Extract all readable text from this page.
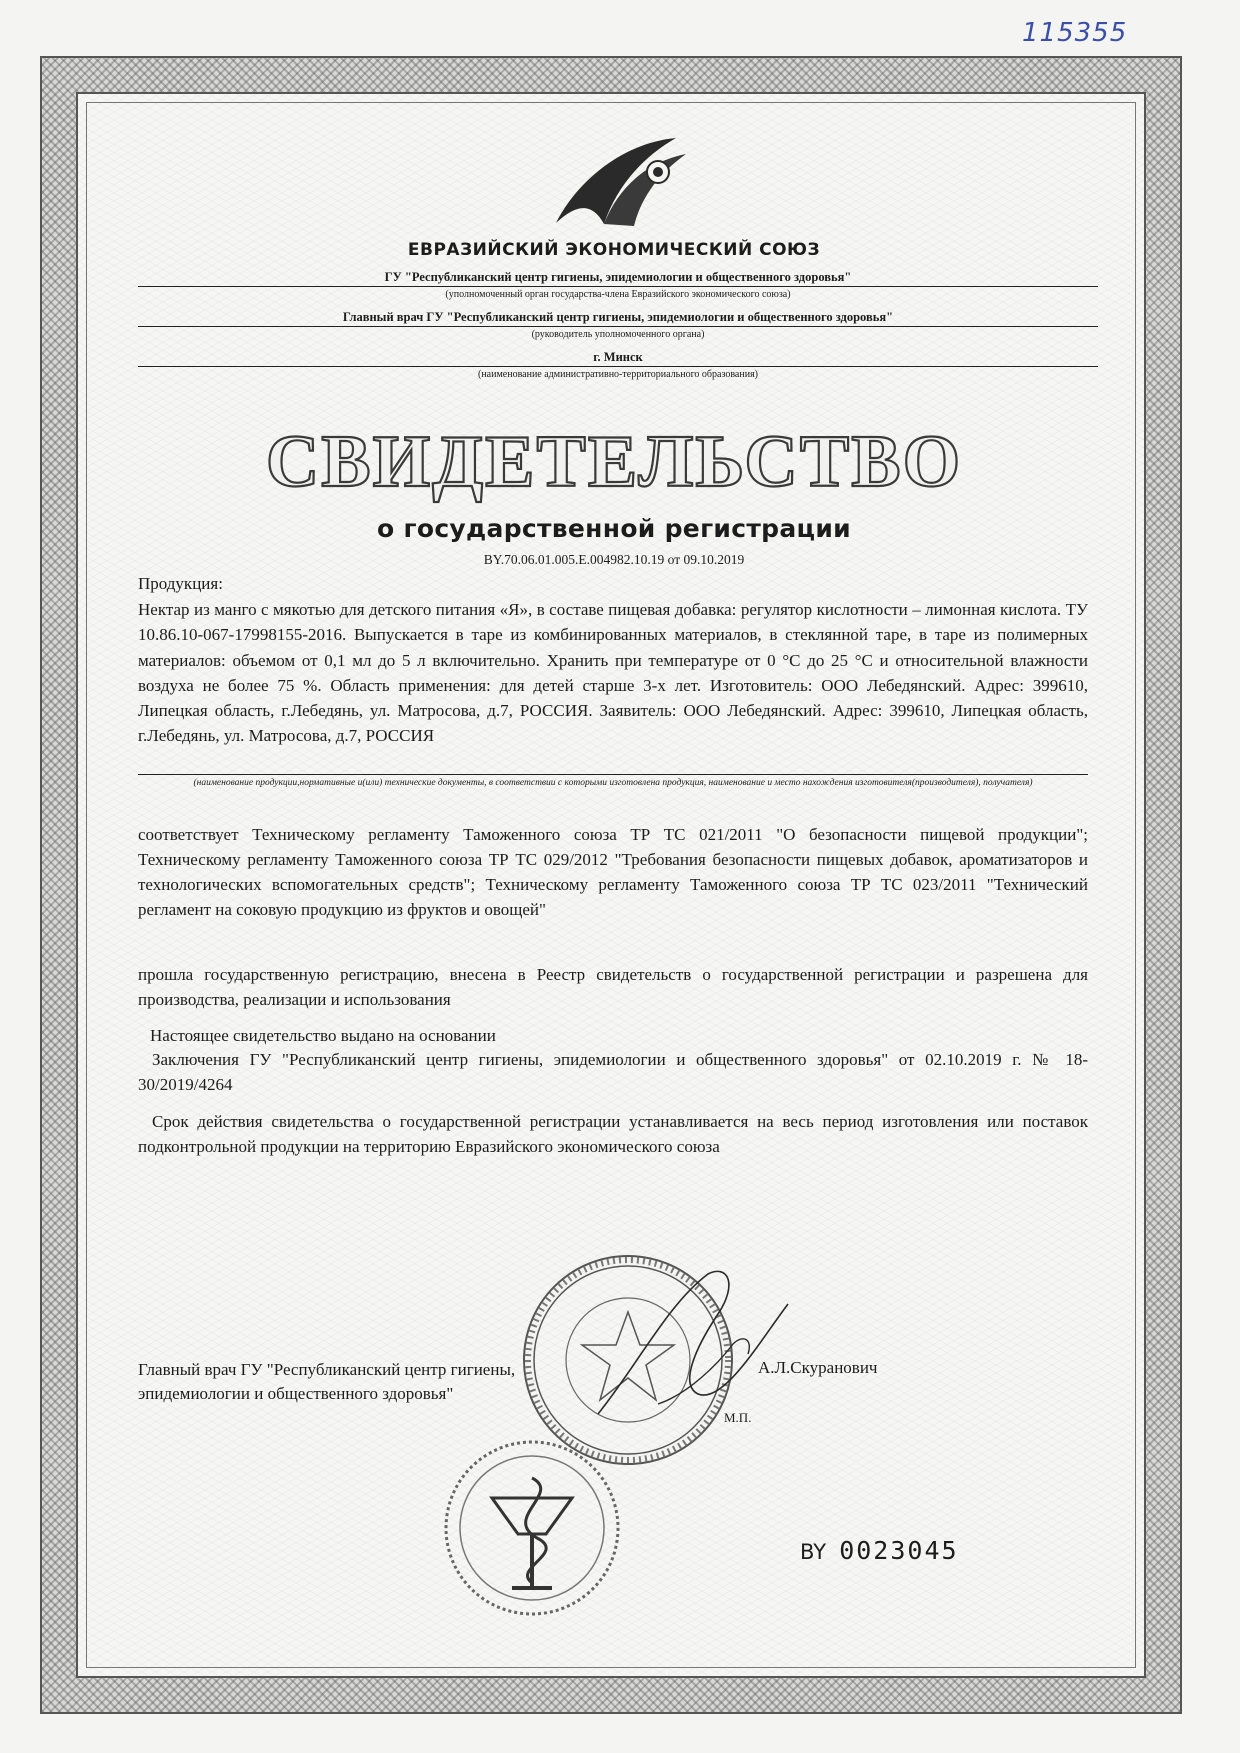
115355
ЕВРАЗИЙСКИЙ ЭКОНОМИЧЕСКИЙ СОЮЗ
ГУ "Республиканский центр гигиены, эпидемиологии и общественного здоровья"
(уполномоченный орган государства-члена Евразийского экономического союза)
Главный врач ГУ "Республиканский центр гигиены, эпидемиологии и общественного здоровья"
(руководитель уполномоченного органа)
г. Минск
(наименование административно-территориального образования)
СВИДЕТЕЛЬСТВО
о государственной регистрации
BY.70.06.01.005.E.004982.10.19 от 09.10.2019
Продукция:
Нектар из манго с мякотью для детского питания «Я», в составе пищевая добавка: регулятор кислотности – лимонная кислота. ТУ 10.86.10-067-17998155-2016. Выпускается в таре из комбинированных материалов, в стеклянной таре, в таре из полимерных материалов: объемом от 0,1 мл до 5 л включительно. Хранить при температуре от 0 °С до 25 °С и относительной влажности воздуха не более 75 %. Область применения: для детей старше 3-х лет. Изготовитель: ООО Лебедянский. Адрес: 399610, Липецкая область, г.Лебедянь, ул. Матросова, д.7, РОССИЯ. Заявитель: ООО Лебедянский. Адрес: 399610, Липецкая область, г.Лебедянь, ул. Матросова, д.7, РОССИЯ
(наименование продукции,нормативные и(или) технические документы, в соответствии с которыми изготовлена продукция, наименование и место нахождения изготовителя(производителя), получателя)
соответствует Техническому регламенту Таможенного союза ТР ТС 021/2011 "О безопасности пищевой продукции"; Техническому регламенту Таможенного союза ТР ТС 029/2012 "Требования безопасности пищевых добавок, ароматизаторов и технологических вспомогательных средств"; Техническому регламенту Таможенного союза ТР ТС 023/2011 "Технический регламент на соковую продукцию из фруктов и овощей"
прошла государственную регистрацию, внесена в Реестр свидетельств о государственной регистрации и разрешена для производства, реализации и использования
Настоящее свидетельство выдано на основании
Заключения ГУ "Республиканский центр гигиены, эпидемиологии и общественного здоровья" от 02.10.2019 г. № 18-30/2019/4264
Срок действия свидетельства о государственной регистрации устанавливается на весь период изготовления или поставок подконтрольной продукции на территорию Евразийского экономического союза
Главный врач ГУ "Республиканский центр гигиены, эпидемиологии и общественного здоровья"
А.Л.Скуранович
М.П.
BY 0023045
